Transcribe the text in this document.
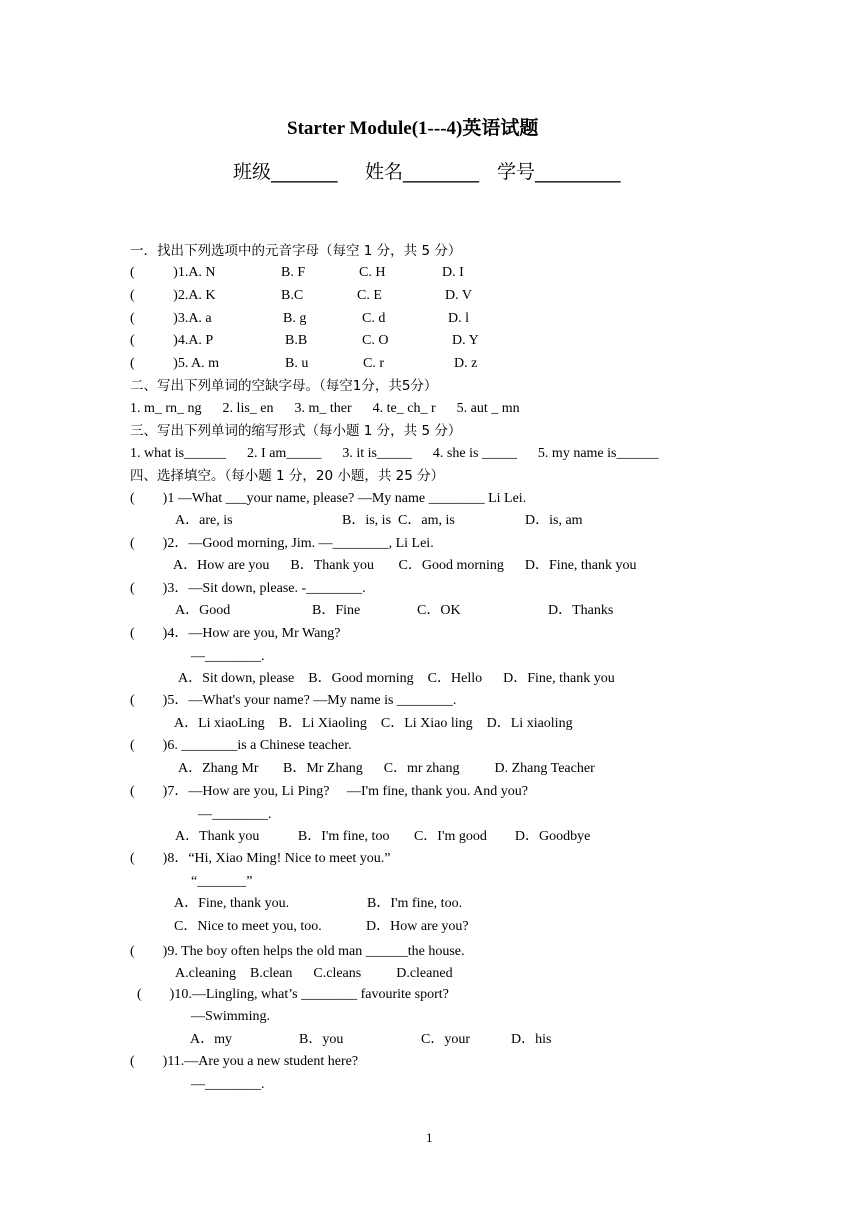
Starter Module(1---4)英语试题
班级_______ 姓名________ 学号_________
一．找出下列选项中的元音字母（每空 1 分，共 5 分）
(           )1.A. N	B. F	C. H	D. I
(           )2.A. K	B.C	C. E	D. V
(           )3.A. a	B. g	C. d	D. l
(           )4.A. P	B.B	C. O	D. Y
(           )5. A. m	B. u	C. r	D. z
二、写出下列单词的空缺字母。（每空1分，共5分）
1. m_ rn_ ng      2. lis_ en      3. m_ ther      4. te_ ch_ r      5. aut _ mn
三、写出下列单词的缩写形式（每小题 1 分，共 5 分）
1. what is______      2. I am_____      3. it is_____      4. she is _____      5. my name is______
四、选择填空。（每小题 1 分，20 小题，共 25 分）
(        )1 —What ___your name, please? —My name ________ Li Lei.
A．are, is	B．is, is  C．am, is	D．is, am
(        )2．—Good morning, Jim. —________, Li Lei.
A．How are you      B．Thank you       C．Good morning      D．Fine, thank you
(        )3．—Sit down, please. -________.
A．Good	B．Fine	C．OK	D．Thanks
(        )4．—How are you, Mr Wang?
—________.
A．Sit down, please    B．Good morning    C．Hello      D．Fine, thank you
(        )5．—What's your name? —My name is ________.
A．Li xiaoLing    B．Li Xiaoling    C．Li Xiao ling    D．Li xiaoling
(        )6. ________is a Chinese teacher.
A．Zhang Mr       B．Mr Zhang      C．mr zhang          D. Zhang Teacher
(        )7．—How are you, Li Ping?     —I'm fine, thank you. And you?
—________.
A．Thank you           B．I'm fine, too       C．I'm good        D．Goodbye
(        )8．“Hi, Xiao Ming! Nice to meet you.”
“_______”
A．Fine, thank you.	B．I'm fine, too.
C．Nice to meet you, too.	D．How are you?
(        )9. The boy often helps the old man ______the house.
A.cleaning    B.clean      C.cleans          D.cleaned
(        )10.—Lingling, what’s ________ favourite sport?
—Swimming.
A．my	B．you	C．your	D．his
(        )11.—Are you a new student here?
—________.
1
